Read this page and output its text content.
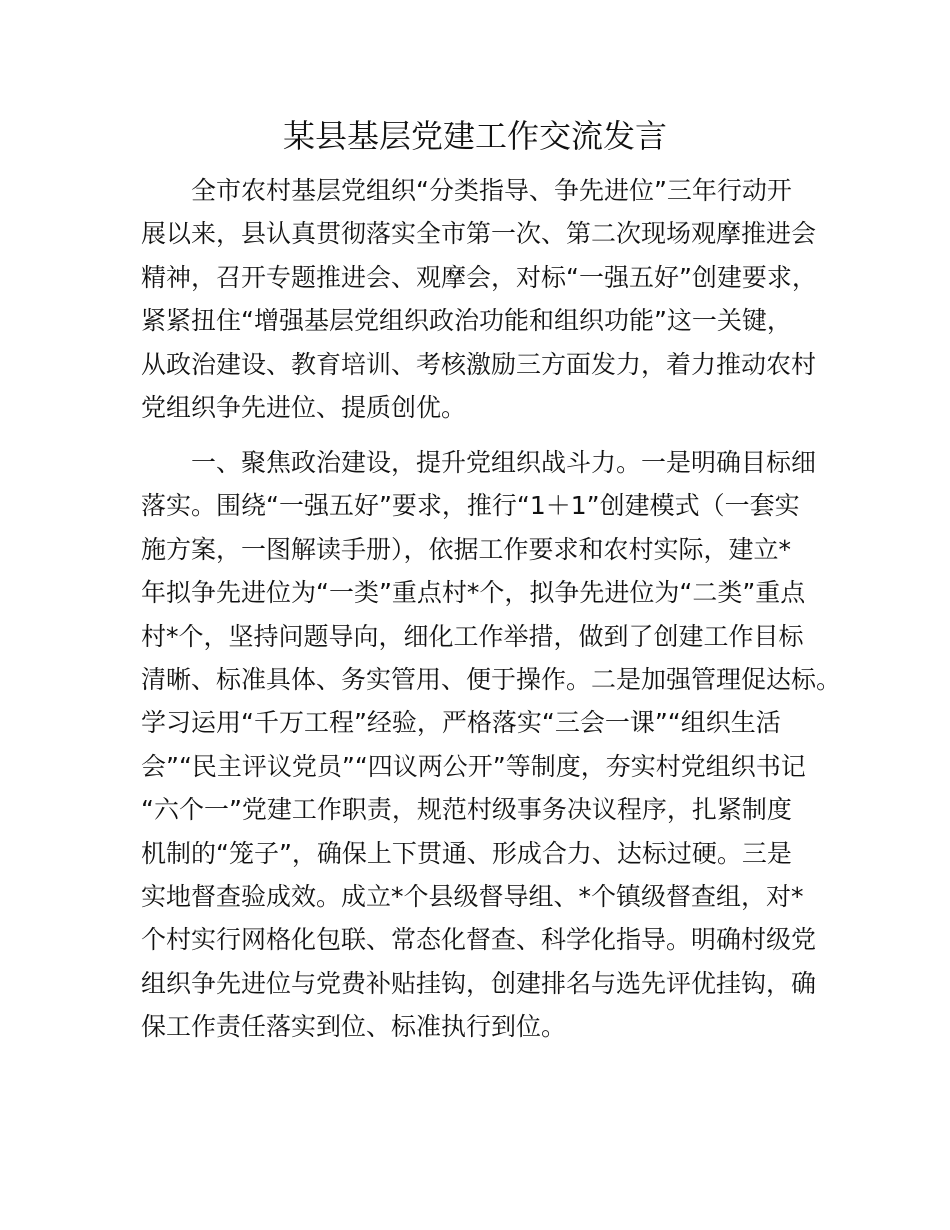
某县基层党建工作交流发言
全市农村基层党组织“分类指导、争先进位”三年行动开
展以来，县认真贯彻落实全市第一次、第二次现场观摩推进会
精神，召开专题推进会、观摩会，对标“一强五好”创建要求，
紧紧扭住“增强基层党组织政治功能和组织功能”这一关键，
从政治建设、教育培训、考核激励三方面发力，着力推动农村
党组织争先进位、提质创优。
一、聚焦政治建设，提升党组织战斗力。一是明确目标细
落实。围绕“一强五好”要求，推行“1＋1”创建模式（一套实
施方案，一图解读手册），依据工作要求和农村实际，建立*
年拟争先进位为“一类”重点村*个，拟争先进位为“二类”重点
村*个，坚持问题导向，细化工作举措，做到了创建工作目标
清晰、标准具体、务实管用、便于操作。二是加强管理促达标。
学习运用“千万工程”经验，严格落实“三会一课”“组织生活
会”“民主评议党员”“四议两公开”等制度，夯实村党组织书记
“六个一”党建工作职责，规范村级事务决议程序，扎紧制度
机制的“笼子”，确保上下贯通、形成合力、达标过硬。三是
实地督查验成效。成立*个县级督导组、*个镇级督查组，对*
个村实行网格化包联、常态化督查、科学化指导。明确村级党
组织争先进位与党费补贴挂钩，创建排名与选先评优挂钩，确
保工作责任落实到位、标准执行到位。
